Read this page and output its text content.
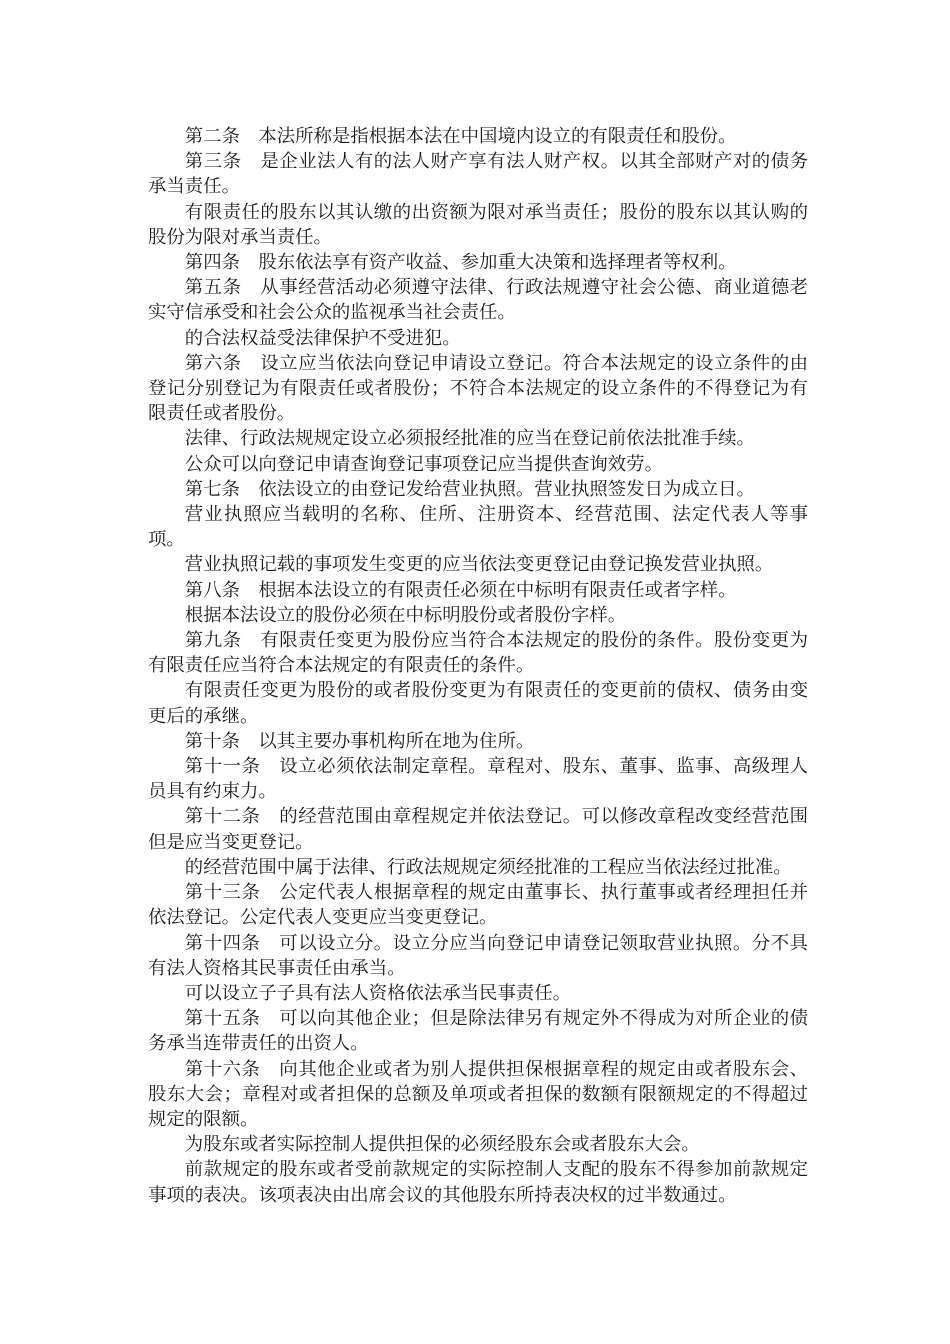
第二条　本法所称是指根据本法在中国境内设立的有限责任和股份。

第三条　是企业法人有的法人财产享有法人财产权。以其全部财产对的债务承当责任。

有限责任的股东以其认缴的出资额为限对承当责任；股份的股东以其认购的股份为限对承当责任。

第四条　股东依法享有资产收益、参加重大决策和选择理者等权利。

第五条　从事经营活动必须遵守法律、行政法规遵守社会公德、商业道德老实守信承受和社会公众的监视承当社会责任。

的合法权益受法律保护不受进犯。

第六条　设立应当依法向登记申请设立登记。符合本法规定的设立条件的由登记分别登记为有限责任或者股份；不符合本法规定的设立条件的不得登记为有限责任或者股份。

法律、行政法规规定设立必须报经批准的应当在登记前依法批准手续。

公众可以向登记申请查询登记事项登记应当提供查询效劳。

第七条　依法设立的由登记发给营业执照。营业执照签发日为成立日。

营业执照应当载明的名称、住所、注册资本、经营范围、法定代表人等事项。

营业执照记载的事项发生变更的应当依法变更登记由登记换发营业执照。

第八条　根据本法设立的有限责任必须在中标明有限责任或者字样。

根据本法设立的股份必须在中标明股份或者股份字样。

第九条　有限责任变更为股份应当符合本法规定的股份的条件。股份变更为有限责任应当符合本法规定的有限责任的条件。

有限责任变更为股份的或者股份变更为有限责任的变更前的债权、债务由变更后的承继。

第十条　以其主要办事机构所在地为住所。

第十一条　设立必须依法制定章程。章程对、股东、董事、监事、高级理人员具有约束力。

第十二条　的经营范围由章程规定并依法登记。可以修改章程改变经营范围但是应当变更登记。

的经营范围中属于法律、行政法规规定须经批准的工程应当依法经过批准。

第十三条　公定代表人根据章程的规定由董事长、执行董事或者经理担任并依法登记。公定代表人变更应当变更登记。

第十四条　可以设立分。设立分应当向登记申请登记领取营业执照。分不具有法人资格其民事责任由承当。

可以设立子子具有法人资格依法承当民事责任。

第十五条　可以向其他企业；但是除法律另有规定外不得成为对所企业的债务承当连带责任的出资人。

第十六条　向其他企业或者为别人提供担保根据章程的规定由或者股东会、股东大会；章程对或者担保的总额及单项或者担保的数额有限额规定的不得超过规定的限额。

为股东或者实际控制人提供担保的必须经股东会或者股东大会。

前款规定的股东或者受前款规定的实际控制人支配的股东不得参加前款规定事项的表决。该项表决由出席会议的其他股东所持表决权的过半数通过。
